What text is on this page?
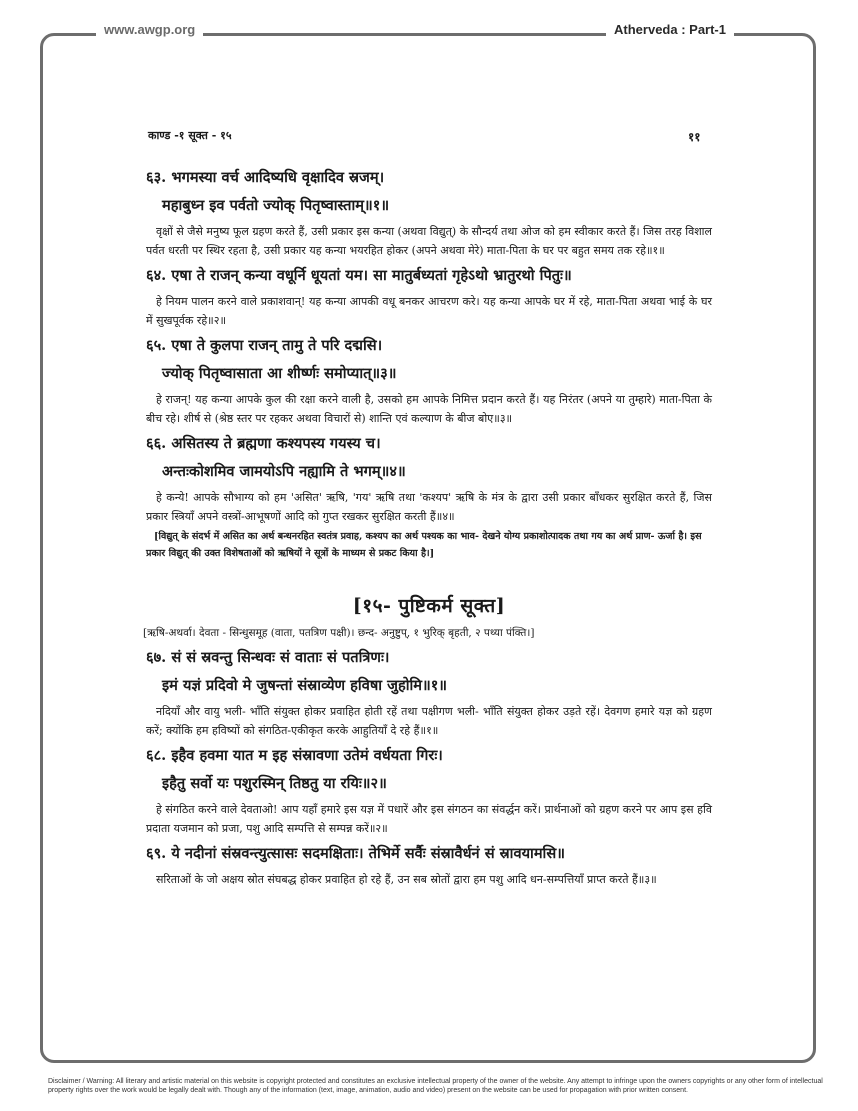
www.awgp.org	Atherveda : Part-1
काण्ड -१ सूक्त - १५	११

६३. भगमस्या वर्च आदिष्यधि वृक्षादिव स्रजम्।

महाबुध्न इव पर्वतो ज्योक् पितृष्वास्ताम्॥१॥

वृक्षों से जैसे मनुष्य फूल ग्रहण करते हैं, उसी प्रकार इस कन्या (अथवा विद्युत्) के सौन्दर्य तथा ओज को हम स्वीकार करते हैं। जिस तरह विशाल पर्वत धरती पर स्थिर रहता है, उसी प्रकार यह कन्या भयरहित होकर (अपने अथवा मेरे) माता-पिता के घर पर बहुत समय तक रहे॥१॥

६४. एषा ते राजन् कन्या वधूर्नि धूयतां यम। सा मातुर्बध्यतां गृहेऽथो भ्रातुरथो पितुः॥

हे नियम पालन करने वाले प्रकाशवान्! यह कन्या आपकी वधू बनकर आचरण करे। यह कन्या आपके घर में रहे, माता-पिता अथवा भाई के घर में सुखपूर्वक रहे॥२॥

६५. एषा ते कुलपा राजन् तामु ते परि दद्मसि।

ज्योक् पितृष्वासाता आ शीर्ष्णः समोप्यात्॥३॥

हे राजन्! यह कन्या आपके कुल की रक्षा करने वाली है, उसको हम आपके निमित्त प्रदान करते हैं। यह निरंतर (अपने या तुम्हारे) माता-पिता के बीच रहे। शीर्ष से (श्रेष्ठ स्तर पर रहकर अथवा विचारों से) शान्ति एवं कल्याण के बीज बोए॥३॥

६६. असितस्य ते ब्रह्मणा कश्यपस्य गयस्य च।

अन्तःकोशमिव जामयोऽपि नह्यामि ते भगम्॥४॥

हे कन्ये! आपके सौभाग्य को हम 'असित' ऋषि, 'गय' ऋषि तथा 'कश्यप' ऋषि के मंत्र के द्वारा उसी प्रकार बाँधकर सुरक्षित करते हैं, जिस प्रकार स्त्रियाँ अपने वस्त्रों-आभूषणों आदि को गुप्त रखकर सुरक्षित करती हैं॥४॥

[विद्युत् के संदर्भ में असित का अर्थ बन्धनरहित स्वतंत्र प्रवाह, कश्यप का अर्थ पश्यक का भाव- देखने योग्य प्रकाशोत्पादक तथा गय का अर्थ प्राण- ऊर्जा है। इस प्रकार विद्युत् की उक्त विशेषताओं को ऋषियों ने सूत्रों के माध्यम से प्रकट किया है।]

[१५- पुष्टिकर्म सूक्त]

[ऋषि-अथर्वा। देवता - सिन्धुसमूह (वाता, पतत्रिण पक्षी)। छन्द- अनुष्टुप्, १ भुरिक् बृहती, २ पथ्या पंक्ति।]

६७. सं सं स्रवन्तु सिन्धवः सं वाताः सं पतत्रिणः।

इमं यज्ञं प्रदिवो मे जुषन्तां संस्राव्येण हविषा जुहोमि॥१॥

नदियाँ और वायु भली- भाँति संयुक्त होकर प्रवाहित होती रहें तथा पक्षीगण भली- भाँति संयुक्त होकर उड़ते रहें। देवगण हमारे यज्ञ को ग्रहण करें; क्योंकि हम हविष्यों को संगठित-एकीकृत करके आहुतियाँ दे रहे हैं॥१॥

६८. इहैव हवमा यात म इह संस्रावणा उतेमं वर्धयता गिरः।

इहैतु सर्वो यः पशुरस्मिन् तिष्ठतु या रयिः॥२॥

हे संगठित करने वाले देवताओ! आप यहाँ हमारे इस यज्ञ में पधारें और इस संगठन का संवर्द्धन करें। प्रार्थनाओं को ग्रहण करने पर आप इस हवि प्रदाता यजमान को प्रजा, पशु आदि सम्पत्ति से सम्पन्न करें॥२॥

६९. ये नदीनां संस्रवन्त्युत्सासः सदमक्षिताः। तेभिर्मे सर्वैः संस्रावैर्धनं सं स्रावयामसि॥

सरिताओं के जो अक्षय स्रोत संघबद्ध होकर प्रवाहित हो रहे हैं, उन सब स्रोतों द्वारा हम पशु आदि धन-सम्पत्तियाँ प्राप्त करते हैं॥३॥

Disclaimer / Warning: All literary and artistic material on this website is copyright protected and constitutes an exclusive intellectual property of the owner of the website. Any attempt to infringe upon the owners copyrights or any other form of intellectual property rights over the work would be legally dealt with. Though any of the information (text, image, animation, audio and video) present on the website can be used for propagation with prior written consent.
